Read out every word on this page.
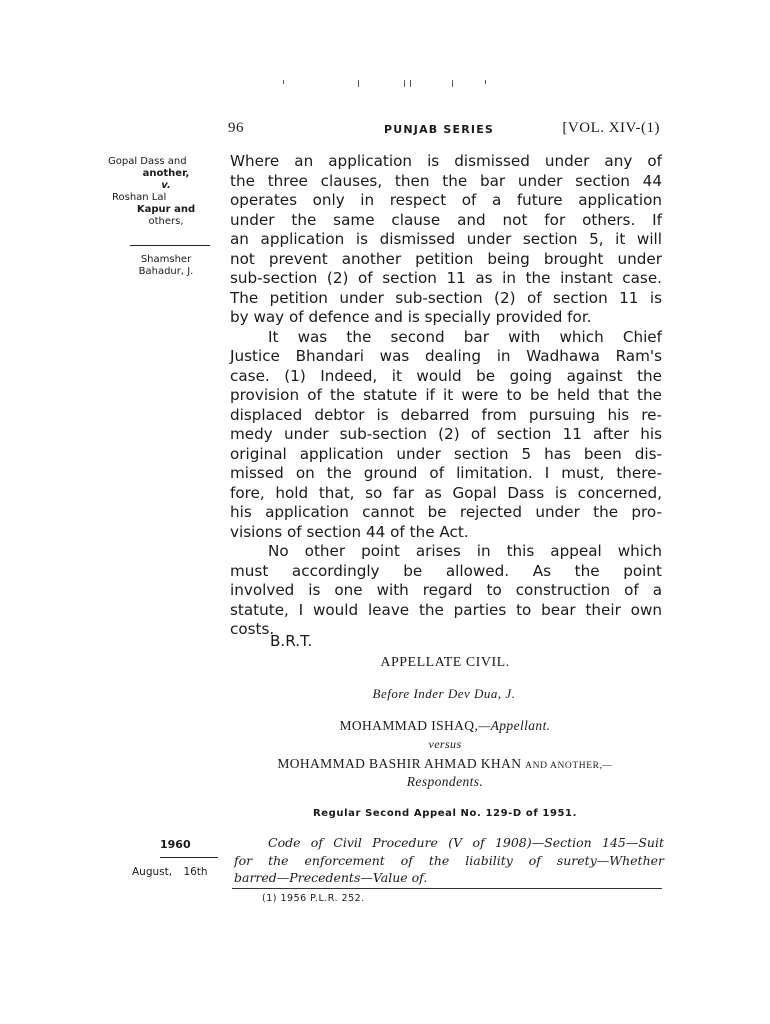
96	PUNJAB SERIES	[VOL. XIV-(1)
Gopal Dass and
another,
v.
Roshan Lal
Kapur and
others,
Shamsher
Bahadur, J.
Where an application is dismissed under any of
the three clauses, then the bar under section 44
operates only in respect of a future application
under the same clause and not for others. If
an application is dismissed under section 5, it will
not prevent another petition being brought under
sub-section (2) of section 11 as in the instant case.
The petition under sub-section (2) of section 11 is
by way of defence and is specially provided for.
It was the second bar with which Chief
Justice Bhandari was dealing in Wadhawa Ram's
case. (1) Indeed, it would be going against the
provision of the statute if it were to be held that the
displaced debtor is debarred from pursuing his re-
medy under sub-section (2) of section 11 after his
original application under section 5 has been dis-
missed on the ground of limitation. I must, there-
fore, hold that, so far as Gopal Dass is concerned,
his application cannot be rejected under the pro-
visions of section 44 of the Act.
No other point arises in this appeal which
must accordingly be allowed. As the point
involved is one with regard to construction of a
statute, I would leave the parties to bear their own
costs.
B.R.T.
APPELLATE CIVIL.
Before Inder Dev Dua, J.
MOHAMMAD ISHAQ,—Appellant.
versus
MOHAMMAD BASHIR AHMAD KHAN AND ANOTHER,—
Respondents.
Regular Second Appeal No. 129-D of 1951.
1960
August, 16th
Code of Civil Procedure (V of 1908)—Section 145—Suit
for the enforcement of the liability of surety—Whether
barred—Precedents—Value of.
(1) 1956 P.L.R. 252.
